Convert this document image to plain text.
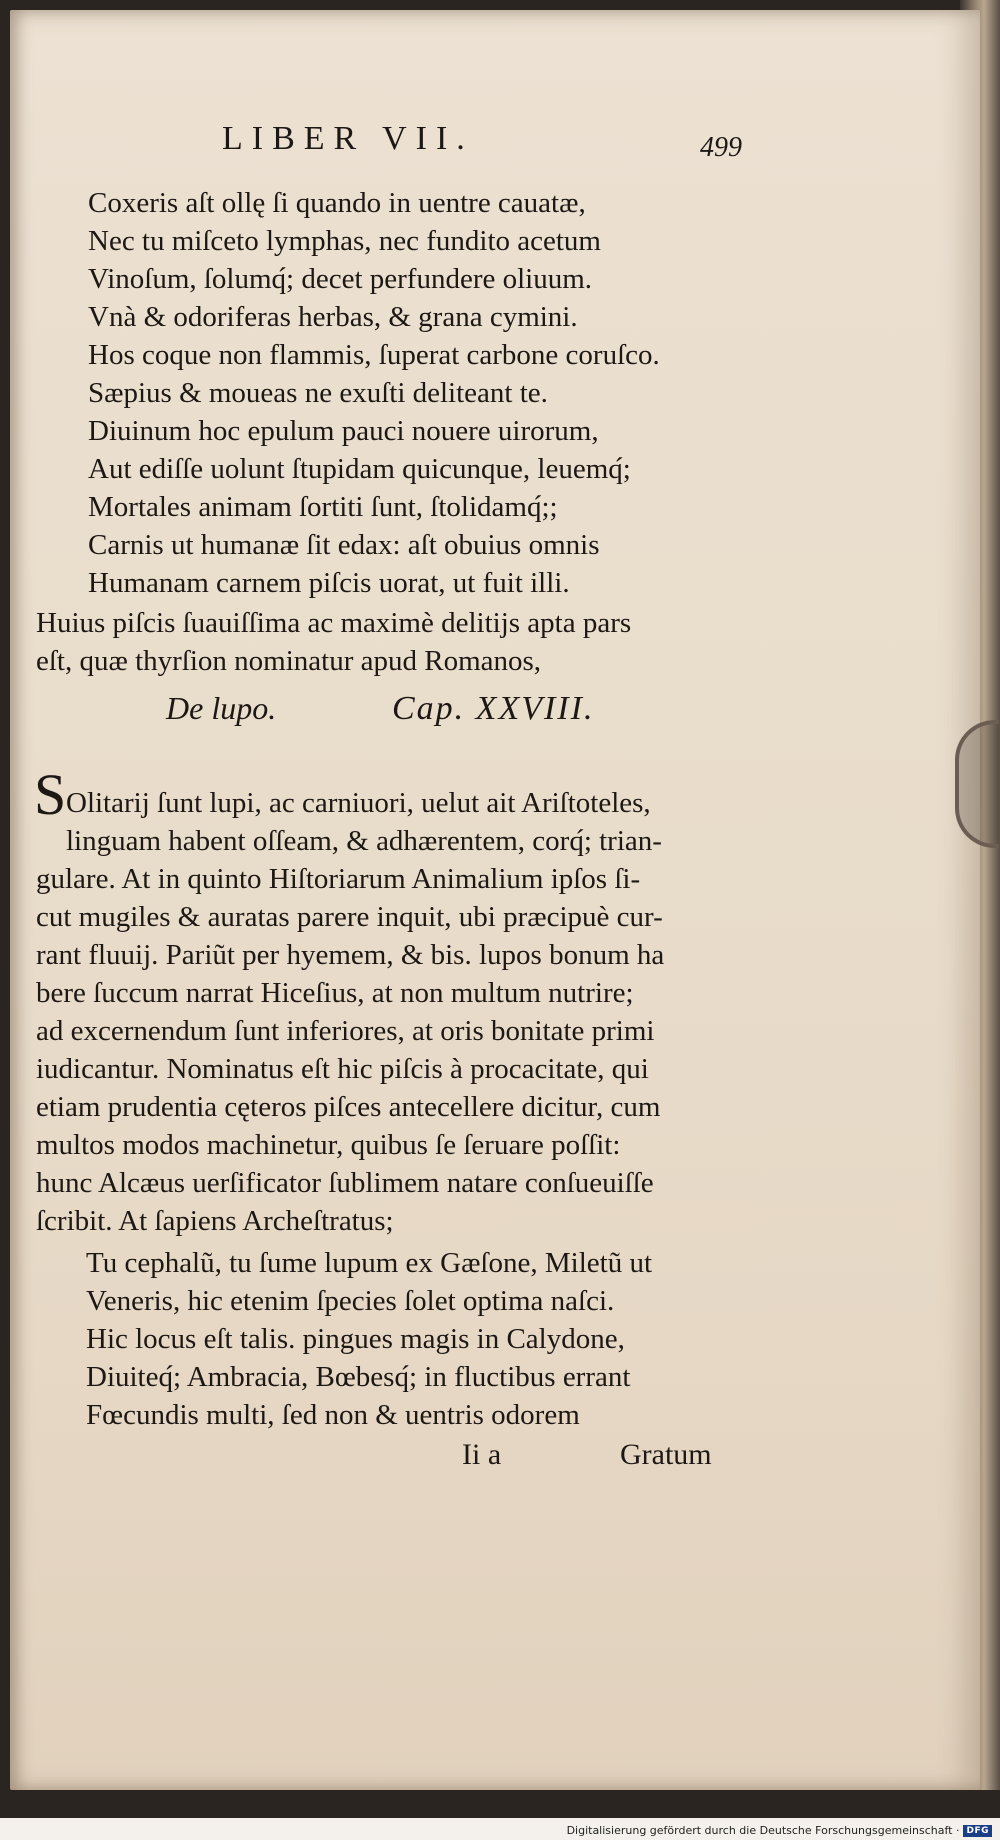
LIBER VII.	499
Coxeris aſt ollę ſi quando in uentre cauatæ,
Nec tu miſceto lymphas, nec fundito acetum
Vinoſum, ſolumq́; decet perfundere oliuum.
Vnà & odoriferas herbas, & grana cymini.
Hos coque non flammis, ſuperat carbone coruſco.
Sæpius & moueas ne exuſti deliteant te.
Diuinum hoc epulum pauci nouere uirorum,
Aut ediſſe uolunt ſtupidam quicunque, leuemq́;
Mortales animam ſortiti ſunt, ſtolidamq́;;
Carnis ut humanæ ſit edax: aſt obuius omnis
Humanam carnem piſcis uorat, ut fuit illi.
Huius piſcis ſuauiſſima ac maximè delitijs apta pars
eſt, quæ thyrſion nominatur apud Romanos,
De lupo.	Cap. XXVIII.
S Olitarij ſunt lupi, ac carniuori, uelut ait Ariſtoteles,
linguam habent oſſeam, & adhærentem, corq́; trian-
gulare. At in quinto Hiſtoriarum Animalium ipſos ſi-
cut mugiles & auratas parere inquit, ubi præcipuè cur-
rant fluuij. Pariũt per hyemem, & bis. lupos bonum ha
bere ſuccum narrat Hiceſius, at non multum nutrire;
ad excernendum ſunt inferiores, at oris bonitate primi
iudicantur. Nominatus eſt hic piſcis à procacitate, qui
etiam prudentia cęteros piſces antecellere dicitur, cum
multos modos machinetur, quibus ſe ſeruare poſſit:
hunc Alcæus uerſificator ſublimem natare conſueuiſſe
ſcribit. At ſapiens Archeſtratus;
Tu cephalũ, tu ſume lupum ex Gæſone, Miletũ ut
Veneris, hic etenim ſpecies ſolet optima naſci.
Hic locus eſt talis. pingues magis in Calydone,
Diuiteq́; Ambracia, Bœbesq́; in fluctibus errant
Fœcundis multi, ſed non & uentris odorem
Ii a	Gratum
Digitalisierung gefördert durch die Deutsche Forschungsgemeinschaft · DFG
